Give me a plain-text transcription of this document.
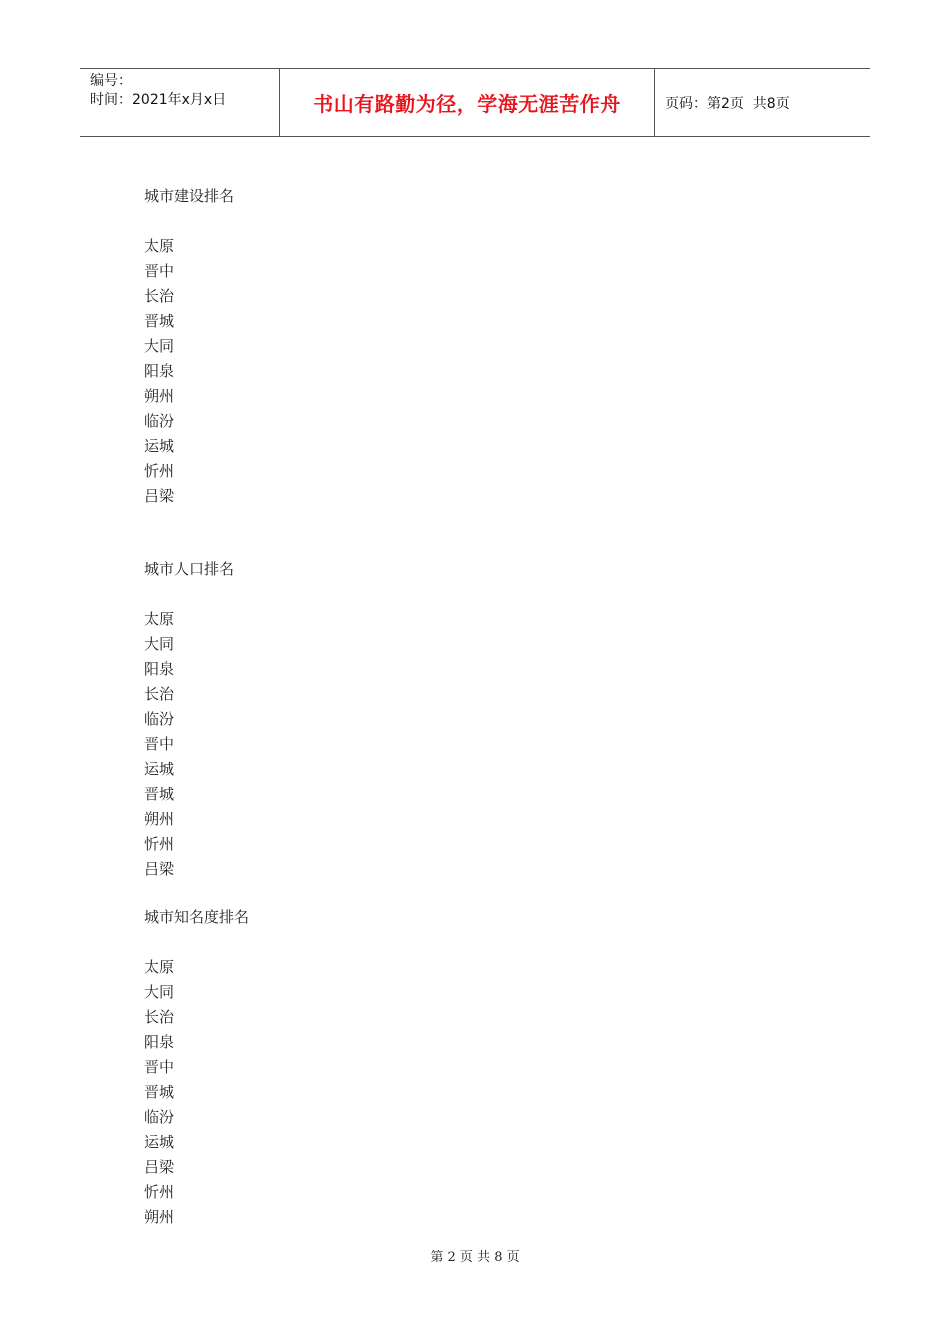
编号：
时间：2021年x月x日	书山有路勤为径，学海无涯苦作舟	页码：第2页  共8页
城市建设排名
太原
晋中
长治
晋城
大同
阳泉
朔州
临汾
运城
忻州
吕梁
城市人口排名
太原
大同
阳泉
长治
临汾
晋中
运城
晋城
朔州
忻州
吕梁
城市知名度排名
太原
大同
长治
阳泉
晋中
晋城
临汾
运城
吕梁
忻州
朔州
第 2 页 共 8 页
